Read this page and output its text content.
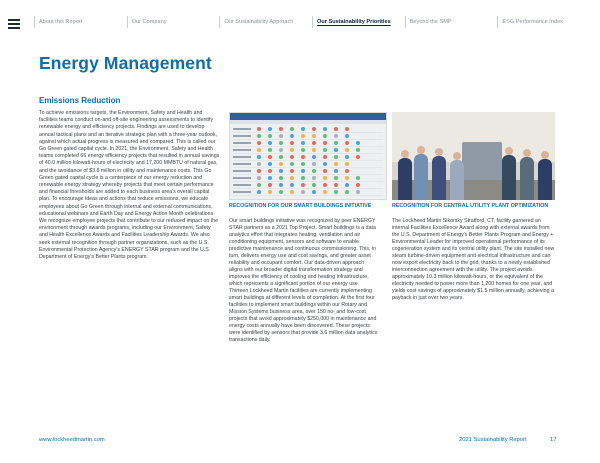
About this Report	Our Company	Our Sustainability Approach	Our Sustainability Priorities	Beyond the SMP	ESG Performance Index
Energy Management
Emissions Reduction

To achieve emissions targets, the Environment, Safety and Health and facilities teams conduct on-and off-site engineering assessments to identify renewable energy and efficiency projects. Findings are used to develop annual tactical plans and an iterative strategic plan with a three-year outlook, against which actual progress is measured and compared. This is called our Go Green gated capital cycle. In 2021, the Environment, Safety and Health teams completed 66 energy efficiency projects that resulted in annual savings of 40.0 million kilowatt-hours of electricity and 17,200 MMBTU of natural gas, and the avoidance of $3.8 million in utility and maintenance costs. This Go Green gated capital cycle is a centerpiece of our energy reduction and renewable energy strategy whereby projects that meet certain performance and financial thresholds are added to each business area's overall capital plan. To encourage ideas and actions that reduce emissions, we educate employees about Go Green through internal and external communications, educational webinars and Earth Day and Energy Action Month celebrations. We recognize employee projects that contribute to our reduced impact on the environment through awards programs, including our Environment, Safety and Health Excellence Awards and Facilities Leadership Awards. We also seek external recognition through partner organizations, such as the U.S. Environmental Protection Agency's ENERGY STAR program and the U.S. Department of Energy's Better Plants program.

RECOGNITION FOR OUR SMART BUILDINGS INITIATIVE
Our smart buildings initiative was recognized by peer ENERGY STAR partners as a 2021 Top Project. Smart buildings is a data analytics effort that integrates heating, ventilation and air conditioning equipment, sensors and software to enable predictive maintenance and continuous commissioning. This, in turn, delivers energy use and cost savings, and greater asset reliability and occupant comfort. Our data-driven approach aligns with our broader digital transformation strategy and improves the efficiency of cooling and heating infrastructure, which represents a significant portion of our energy use. Thirteen Lockheed Martin facilities are currently implementing smart buildings at different levels of completion. At the first four facilities to implement smart buildings within our Rotary and Mission Systems business area, over 150 no- and low-cost projects that avoid approximately $250,000 in maintenance and energy costs annually have been discovered. These projects were identified by sensors that provide 3.6 million data analytics transactions daily.
RECOGNITION FOR CENTRAL UTILITY PLANT OPTIMIZATION
The Lockheed Martin Sikorsky Stratford, CT, facility garnered an internal Facilities Excellence Award along with external awards from the U.S. Department of Energy's Better Plants Program and Energy + Environmental Leader for improved operational performance of its cogeneration system and its central utility plant. The site installed new steam turbine-driven equipment and electrical infrastructure and can now export electricity back to the grid, thanks to a newly established interconnection agreement with the utility. The project avoids approximately 10.3 million kilowatt-hours, or the equivalent of the electricity needed to power more than 1,200 homes for one year, and yields cost savings of approximately $1.5 million annually, achieving a payback in just over two years.
www.lockheedmartin.com	2021 Sustainability Report	17
